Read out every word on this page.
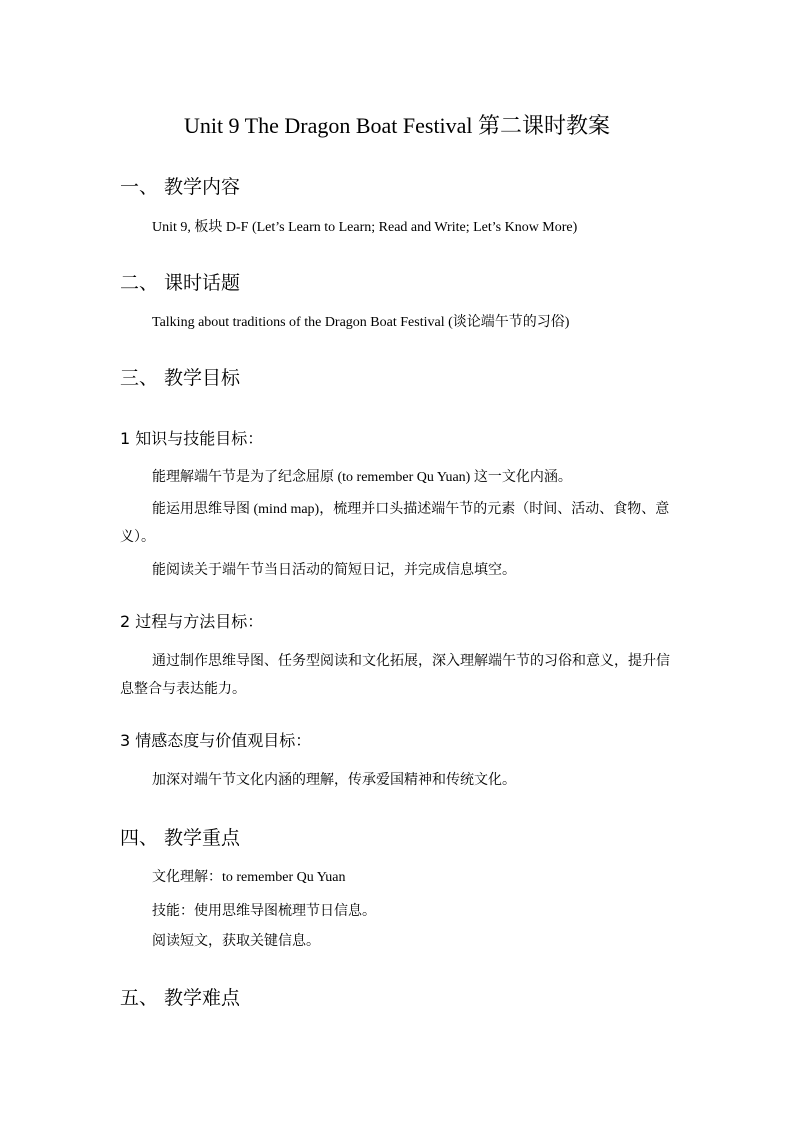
Unit 9 The Dragon Boat Festival 第二课时教案
一、 教学内容
Unit 9, 板块 D-F (Let’s Learn to Learn; Read and Write; Let’s Know More)
二、 课时话题
Talking about traditions of the Dragon Boat Festival (谈论端午节的习俗)
三、 教学目标
1 知识与技能目标：
能理解端午节是为了纪念屈原 (to remember Qu Yuan) 这一文化内涵。
能运用思维导图 (mind map)，梳理并口头描述端午节的元素（时间、活动、食物、意义）。
能阅读关于端午节当日活动的简短日记，并完成信息填空。
2 过程与方法目标：
通过制作思维导图、任务型阅读和文化拓展，深入理解端午节的习俗和意义，提升信息整合与表达能力。
3 情感态度与价值观目标：
加深对端午节文化内涵的理解，传承爱国精神和传统文化。
四、 教学重点
文化理解：to remember Qu Yuan
技能：使用思维导图梳理节日信息。
阅读短文，获取关键信息。
五、 教学难点
